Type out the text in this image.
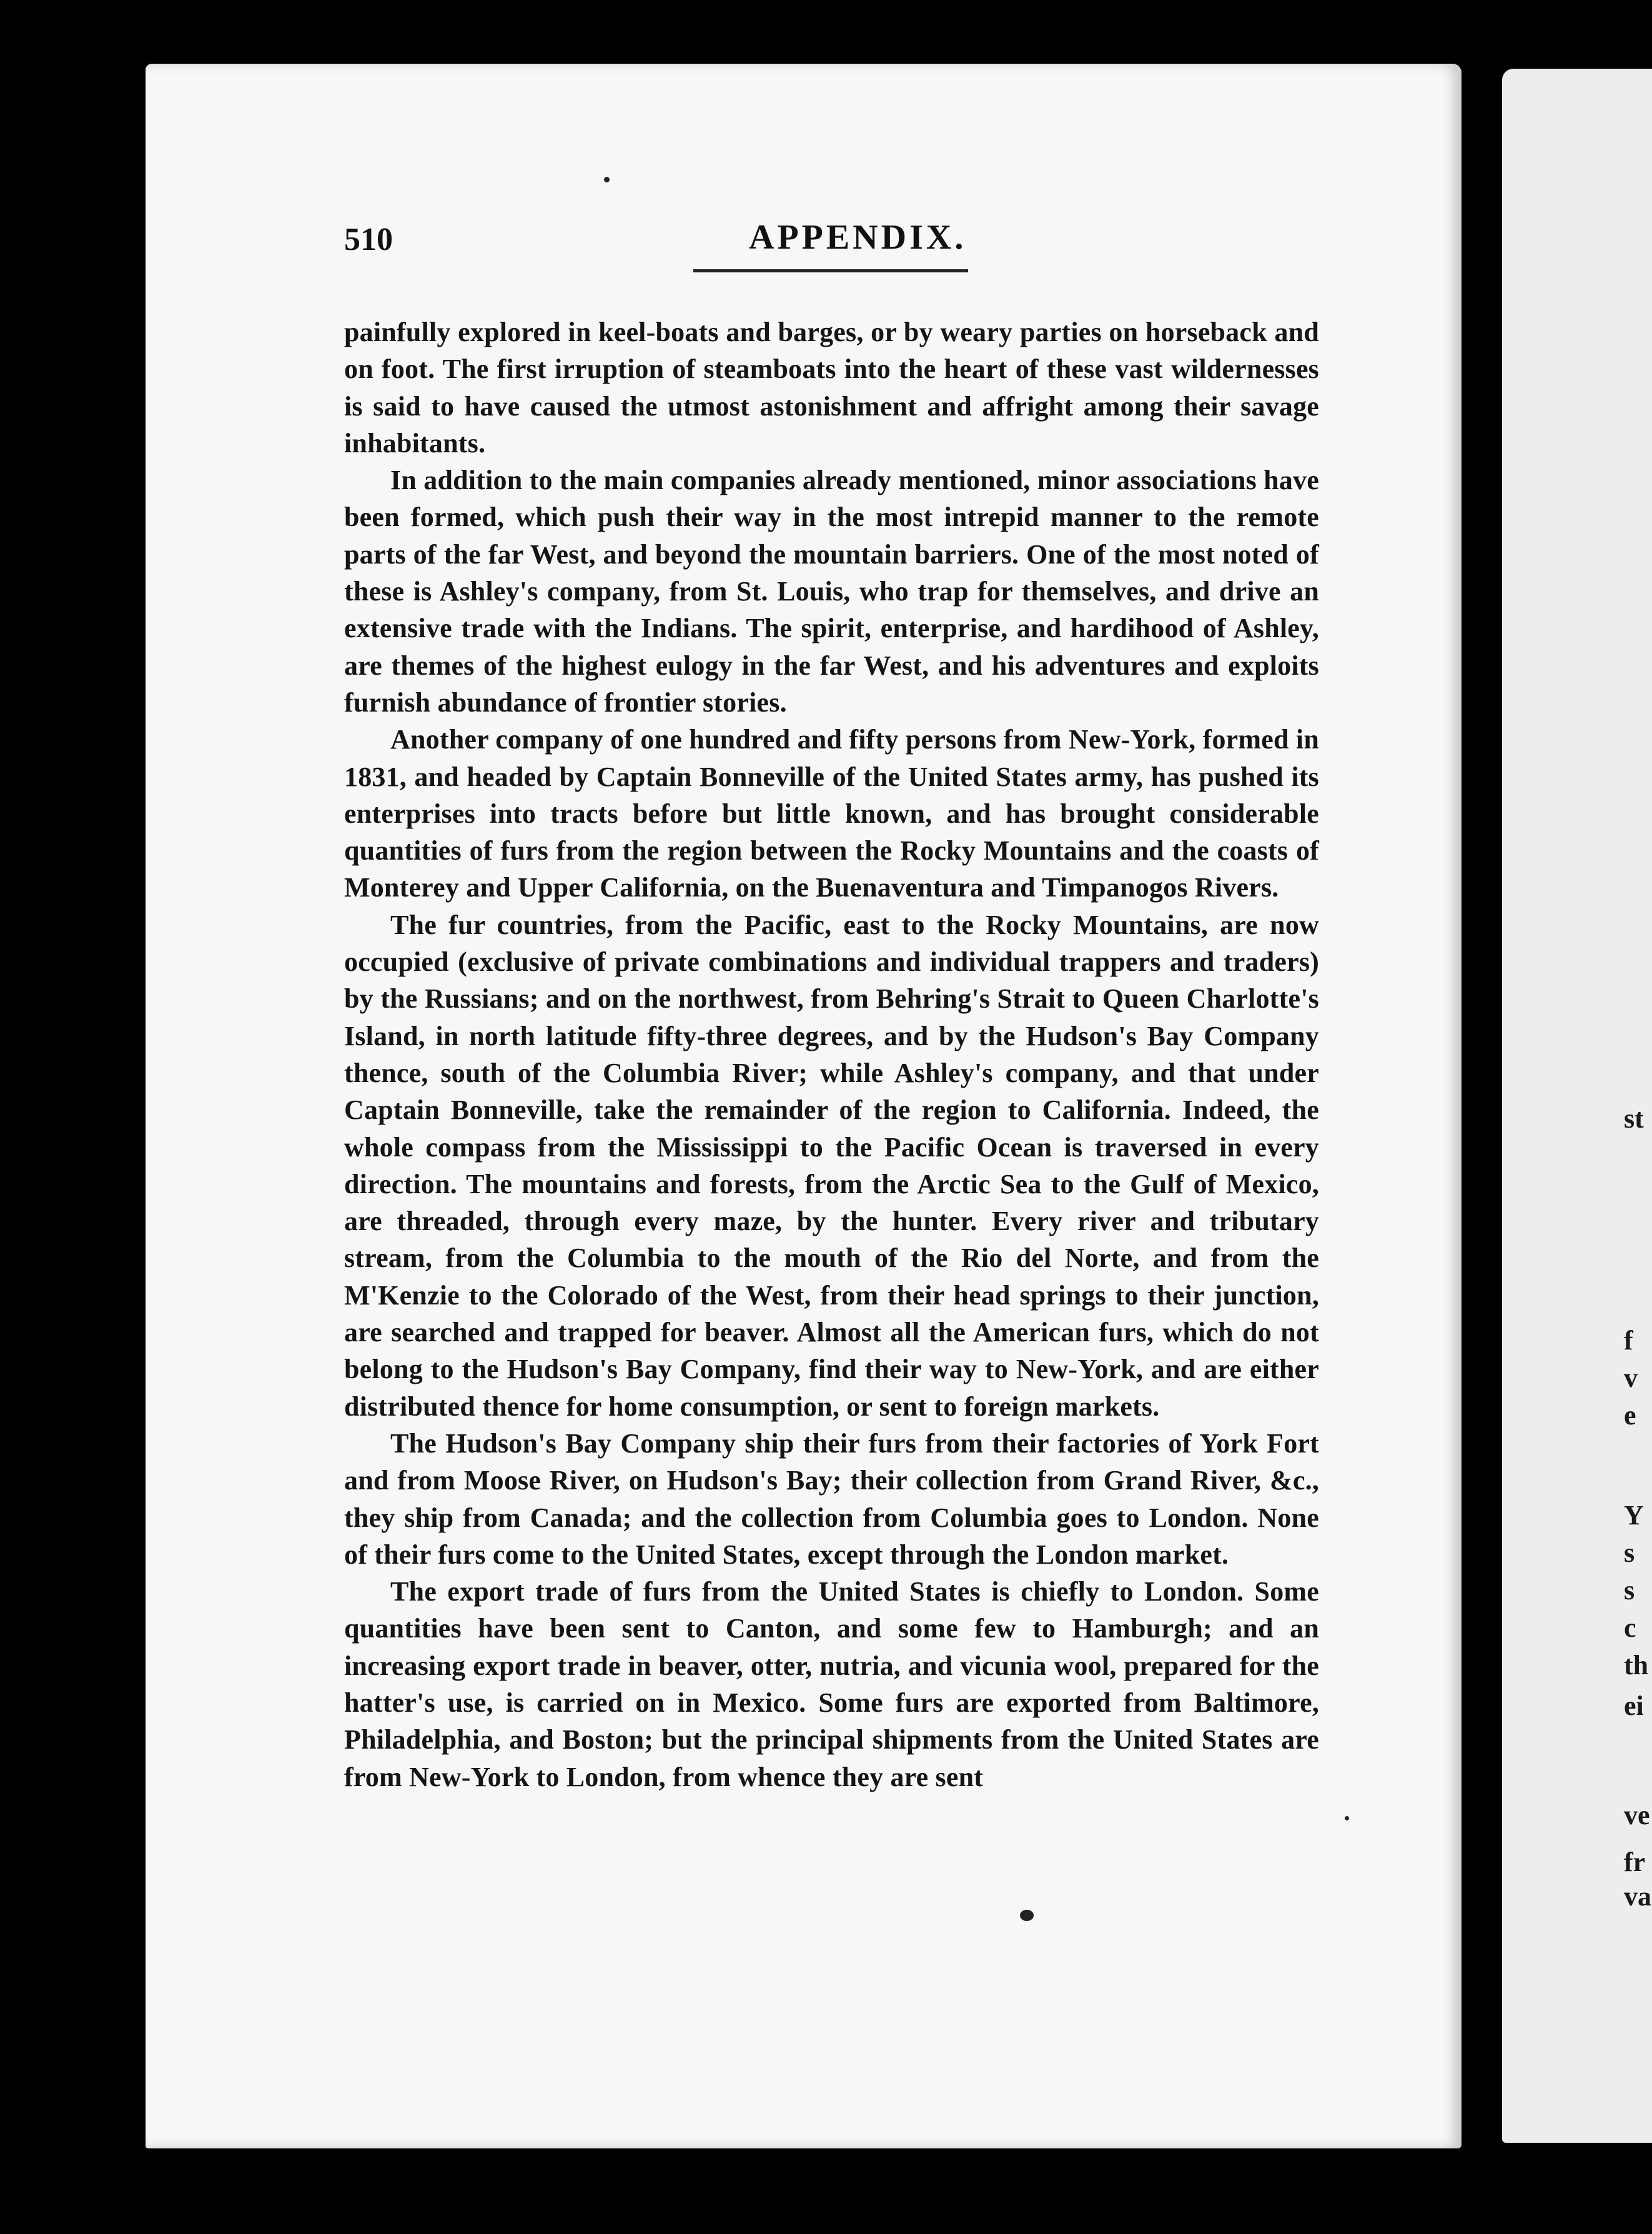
st
f
v
e
Y
s
s
c
th
ei
ve
fr
va
510	APPENDIX.

painfully explored in keel-boats and barges, or by weary parties on horseback and on foot. The first irruption of steamboats into the heart of these vast wildernesses is said to have caused the utmost astonishment and affright among their savage inhabitants.

In addition to the main companies already mentioned, minor associations have been formed, which push their way in the most intrepid manner to the remote parts of the far West, and beyond the mountain barriers. One of the most noted of these is Ashley's company, from St. Louis, who trap for themselves, and drive an extensive trade with the Indians. The spirit, enterprise, and hardihood of Ashley, are themes of the highest eulogy in the far West, and his adventures and exploits furnish abundance of frontier stories.

Another company of one hundred and fifty persons from New-York, formed in 1831, and headed by Captain Bonneville of the United States army, has pushed its enterprises into tracts before but little known, and has brought considerable quantities of furs from the region between the Rocky Mountains and the coasts of Monterey and Upper California, on the Buenaventura and Timpanogos Rivers.

The fur countries, from the Pacific, east to the Rocky Mountains, are now occupied (exclusive of private combinations and individual trappers and traders) by the Russians; and on the northwest, from Behring's Strait to Queen Charlotte's Island, in north latitude fifty-three degrees, and by the Hudson's Bay Company thence, south of the Columbia River; while Ashley's company, and that under Captain Bonneville, take the remainder of the region to California. Indeed, the whole compass from the Mississippi to the Pacific Ocean is traversed in every direction. The mountains and forests, from the Arctic Sea to the Gulf of Mexico, are threaded, through every maze, by the hunter. Every river and tributary stream, from the Columbia to the mouth of the Rio del Norte, and from the M'Kenzie to the Colorado of the West, from their head springs to their junction, are searched and trapped for beaver. Almost all the American furs, which do not belong to the Hudson's Bay Company, find their way to New-York, and are either distributed thence for home consumption, or sent to foreign markets.

The Hudson's Bay Company ship their furs from their factories of York Fort and from Moose River, on Hudson's Bay; their collection from Grand River, &c., they ship from Canada; and the collection from Columbia goes to London. None of their furs come to the United States, except through the London market.

The export trade of furs from the United States is chiefly to London. Some quantities have been sent to Canton, and some few to Hamburgh; and an increasing export trade in beaver, otter, nutria, and vicunia wool, prepared for the hatter's use, is carried on in Mexico. Some furs are exported from Baltimore, Philadelphia, and Boston; but the principal shipments from the United States are from New-York to London, from whence they are sent
